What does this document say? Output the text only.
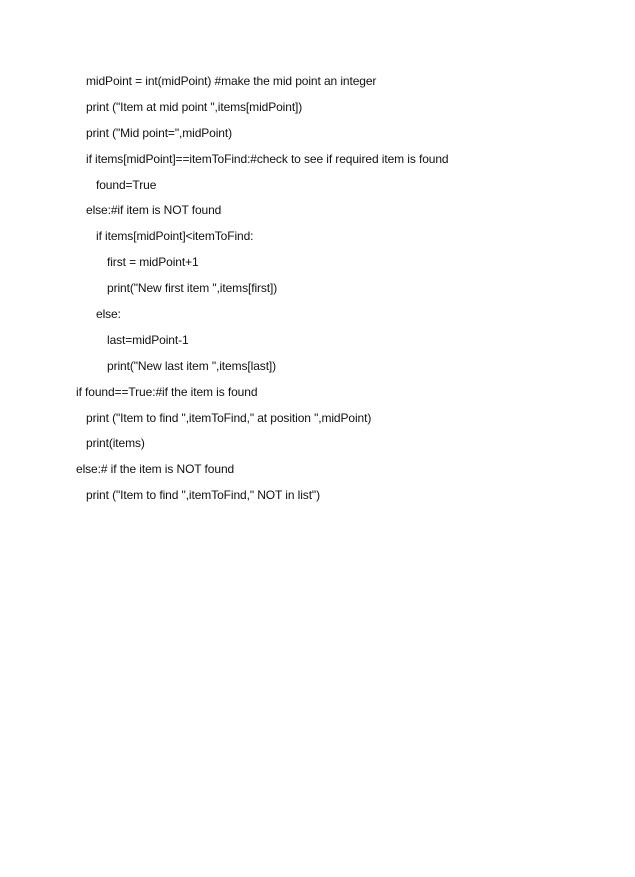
midPoint = int(midPoint) #make the mid point an integer
print ("Item at mid point ",items[midPoint])
print ("Mid point=",midPoint)
if items[midPoint]==itemToFind:#check to see if required item is found
found=True
else:#if item is NOT found
if items[midPoint]<itemToFind:
first = midPoint+1
print("New first item ",items[first])
else:
last=midPoint-1
print("New last item ",items[last])
if found==True:#if the item is found
print ("Item to find ",itemToFind," at position ",midPoint)
print(items)
else:# if the item is NOT found
print ("Item to find ",itemToFind," NOT in list")
